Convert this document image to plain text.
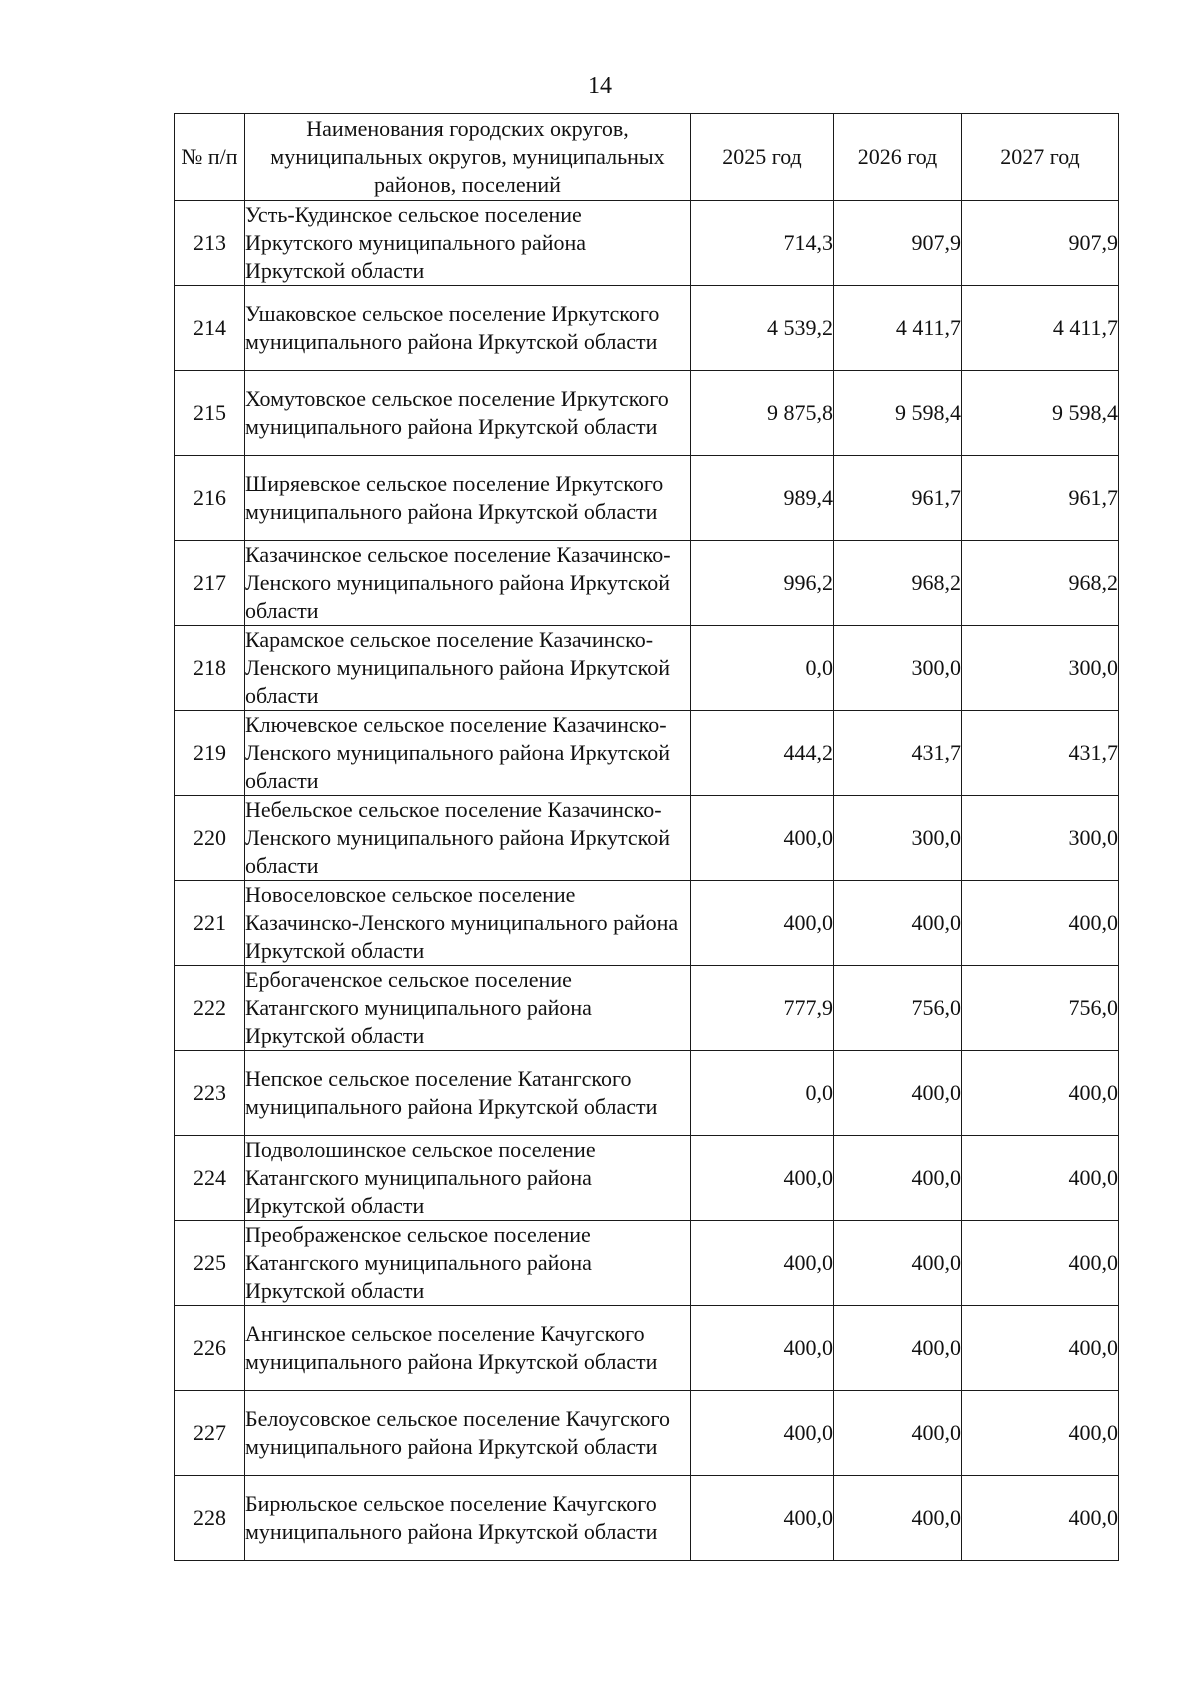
14
№ п/п	Наименования городских округов, муниципальных округов, муниципальных районов, поселений	2025 год	2026 год	2027 год
213	Усть-Кудинское сельское поселение Иркутского муниципального района Иркутской области	714,3	907,9	907,9
214	Ушаковское сельское поселение Иркутского муниципального района Иркутской области	4 539,2	4 411,7	4 411,7
215	Хомутовское сельское поселение Иркутского муниципального района Иркутской области	9 875,8	9 598,4	9 598,4
216	Ширяевское сельское поселение Иркутского муниципального района Иркутской области	989,4	961,7	961,7
217	Казачинское сельское поселение Казачинско-Ленского муниципального района Иркутской области	996,2	968,2	968,2
218	Карамское сельское поселение Казачинско-Ленского муниципального района Иркутской области	0,0	300,0	300,0
219	Ключевское сельское поселение Казачинско-Ленского муниципального района Иркутской области	444,2	431,7	431,7
220	Небельское сельское поселение Казачинско-Ленского муниципального района Иркутской области	400,0	300,0	300,0
221	Новоселовское сельское поселение Казачинско-Ленского муниципального района Иркутской области	400,0	400,0	400,0
222	Ербогаченское сельское поселение Катангского муниципального района Иркутской области	777,9	756,0	756,0
223	Непское сельское поселение Катангского муниципального района Иркутской области	0,0	400,0	400,0
224	Подволошинское сельское поселение Катангского муниципального района Иркутской области	400,0	400,0	400,0
225	Преображенское сельское поселение Катангского муниципального района Иркутской области	400,0	400,0	400,0
226	Ангинское сельское поселение Качугского муниципального района Иркутской области	400,0	400,0	400,0
227	Белоусовское сельское поселение Качугского муниципального района Иркутской области	400,0	400,0	400,0
228	Бирюльское сельское поселение Качугского муниципального района Иркутской области	400,0	400,0	400,0
